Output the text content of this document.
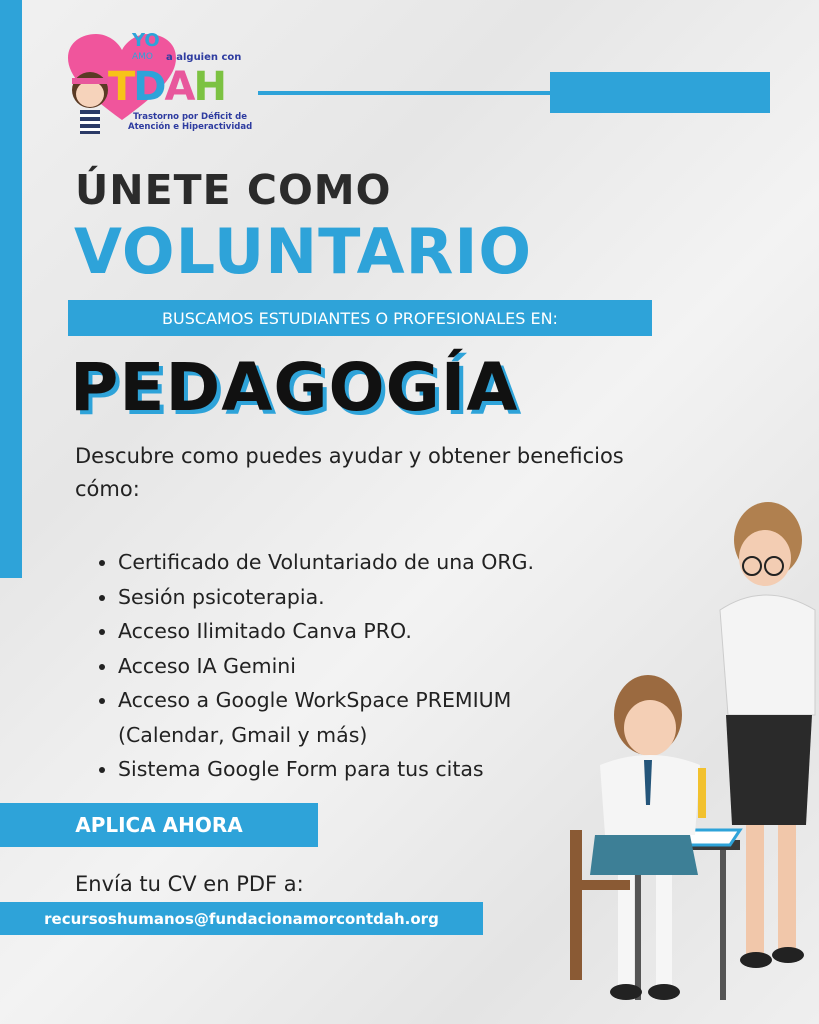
YO
AMO a alguien con
TDAH
Trastorno por Déficit de
Atención e Hiperactividad
ÚNETE COMO
VOLUNTARIO
BUSCAMOS ESTUDIANTES O PROFESIONALES EN:
PEDAGOGÍA
Descubre como puedes ayudar y obtener beneficios cómo:
• Certificado de Voluntariado de una ORG.
• Sesión psicoterapia.
• Acceso Ilimitado Canva PRO.
• Acceso IA Gemini
• Acceso a Google WorkSpace PREMIUM (Calendar, Gmail y más)
• Sistema Google Form para tus citas
APLICA AHORA
Envía tu CV en PDF a:
recursoshumanos@fundacionamorcontdah.org
